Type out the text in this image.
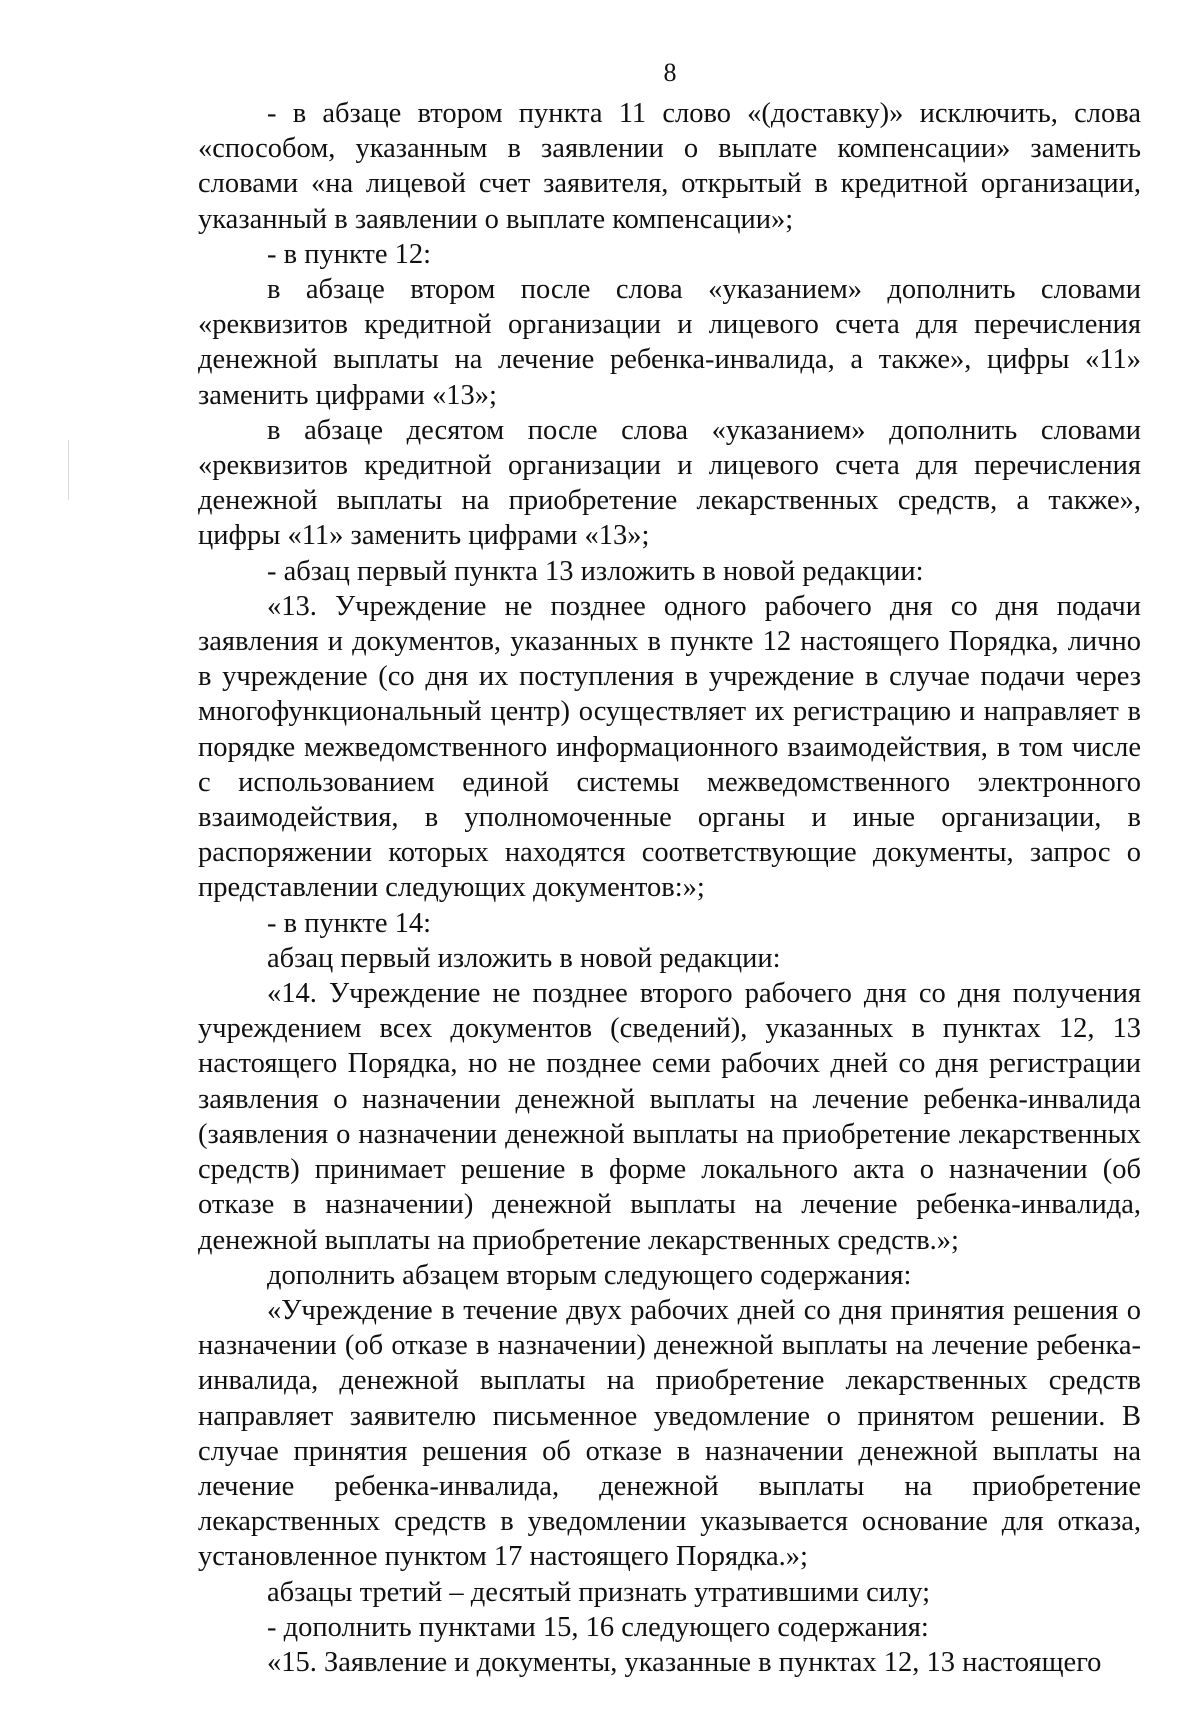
8

- в абзаце втором пункта 11 слово «(доставку)» исключить, слова «способом, указанным в заявлении о выплате компенсации» заменить словами «на лицевой счет заявителя, открытый в кредитной организации, указанный в заявлении о выплате компенсации»;

- в пункте 12:

в абзаце втором после слова «указанием» дополнить словами «реквизитов кредитной организации и лицевого счета для перечисления денежной выплаты на лечение ребенка-инвалида, а также», цифры «11» заменить цифрами «13»;

в абзаце десятом после слова «указанием» дополнить словами «реквизитов кредитной организации и лицевого счета для перечисления денежной выплаты на приобретение лекарственных средств, а также», цифры «11» заменить цифрами «13»;

- абзац первый пункта 13 изложить в новой редакции:

«13. Учреждение не позднее одного рабочего дня со дня подачи заявления и документов, указанных в пункте 12 настоящего Порядка, лично в учреждение (со дня их поступления в учреждение в случае подачи через многофункциональный центр) осуществляет их регистрацию и направляет в порядке межведомственного информационного взаимодействия, в том числе с использованием единой системы межведомственного электронного взаимодействия, в уполномоченные органы и иные организации, в распоряжении которых находятся соответствующие документы, запрос о представлении следующих документов:»;

- в пункте 14:

абзац первый изложить в новой редакции:

«14. Учреждение не позднее второго рабочего дня со дня получения учреждением всех документов (сведений), указанных в пунктах 12, 13 настоящего Порядка, но не позднее семи рабочих дней со дня регистрации заявления о назначении денежной выплаты на лечение ребенка-инвалида (заявления о назначении денежной выплаты на приобретение лекарственных средств) принимает решение в форме локального акта о назначении (об отказе в назначении) денежной выплаты на лечение ребенка-инвалида, денежной выплаты на приобретение лекарственных средств.»;

дополнить абзацем вторым следующего содержания:

«Учреждение в течение двух рабочих дней со дня принятия решения о назначении (об отказе в назначении) денежной выплаты на лечение ребенка-инвалида, денежной выплаты на приобретение лекарственных средств направляет заявителю письменное уведомление о принятом решении. В случае принятия решения об отказе в назначении денежной выплаты на лечение ребенка-инвалида, денежной выплаты на приобретение лекарственных средств в уведомлении указывается основание для отказа, установленное пунктом 17 настоящего Порядка.»;

абзацы третий – десятый признать утратившими силу;

- дополнить пунктами 15, 16 следующего содержания:

«15. Заявление и документы, указанные в пунктах 12, 13 настоящего
